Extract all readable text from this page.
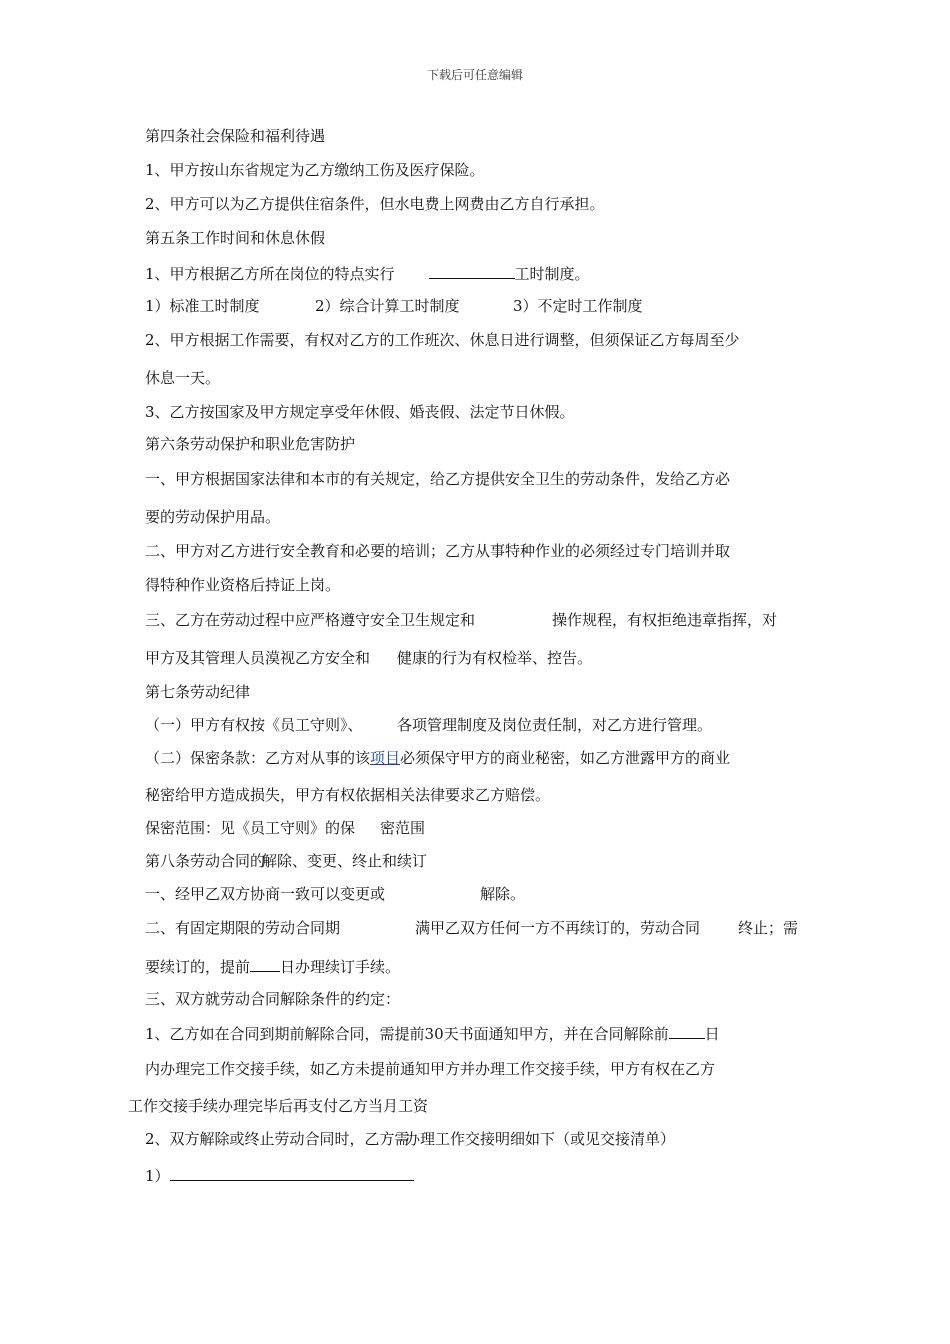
下载后可任意编辑
第四条社会保险和福利待遇
1、甲方按山东省规定为乙方缴纳工伤及医疗保险。
2、甲方可以为乙方提供住宿条件，但水电费上网费由乙方自行承担。
第五条工作时间和休息休假
1、甲方根据乙方所在岗位的特点实行	工时制度。
1）标准工时制度	2）综合计算工时制度	3）不定时工作制度
2、甲方根据工作需要，有权对乙方的工作班次、休息日进行调整，但须保证乙方每周至少
休息一天。
3、乙方按国家及甲方规定享受年休假、婚丧假、法定节日休假。
第六条劳动保护和职业危害防护
一、甲方根据国家法律和本市的有关规定，给乙方提供安全卫生的劳动条件，发给乙方必
要的劳动保护用品。
二、甲方对乙方进行安全教育和必要的培训；乙方从事特种作业的必须经过专门培训并取
得特种作业资格后持证上岗。
三、乙方在劳动过程中应严格遵守安全卫生规定和	操作规程，有权拒绝违章指挥，对
甲方及其管理人员漠视乙方安全和 健康的行为有权检举、控告。
第七条劳动纪律
（一）甲方有权按《员工守则》、 各项管理制度及岗位责任制，对乙方进行管理。
（二）保密条款：乙方对从事的该项目必须保守甲方的商业秘密，如乙方泄露甲方的商业
秘密给甲方造成损失，甲方有权依据相关法律要求乙方赔偿。
保密范围：见《员工守则》的保 密范围
第八条劳动合同的
解除、变更、终止和续订
一、经甲乙双方协商一致可以变更或	解除。
二、有固定期限的劳动合同期	满甲乙双方任何一方不再续订的，劳动合同	终止；需
要续订的，提前 日办理续订手续。
三、双方就劳动合同解除条件的约定：
1、乙方如在合同到期前解除合同，需提前30天书面通知甲方，并在合同解除前 日
内办理完工作交接手续，如乙方未提前通知甲方并办理工作交接手续，甲方有权在乙方
工作交接手续办理完毕后再支付乙方当月工资
2、双方解除或终止劳动合同时，乙方需
办理工作交接明细如下（或见交接清单）
1）
